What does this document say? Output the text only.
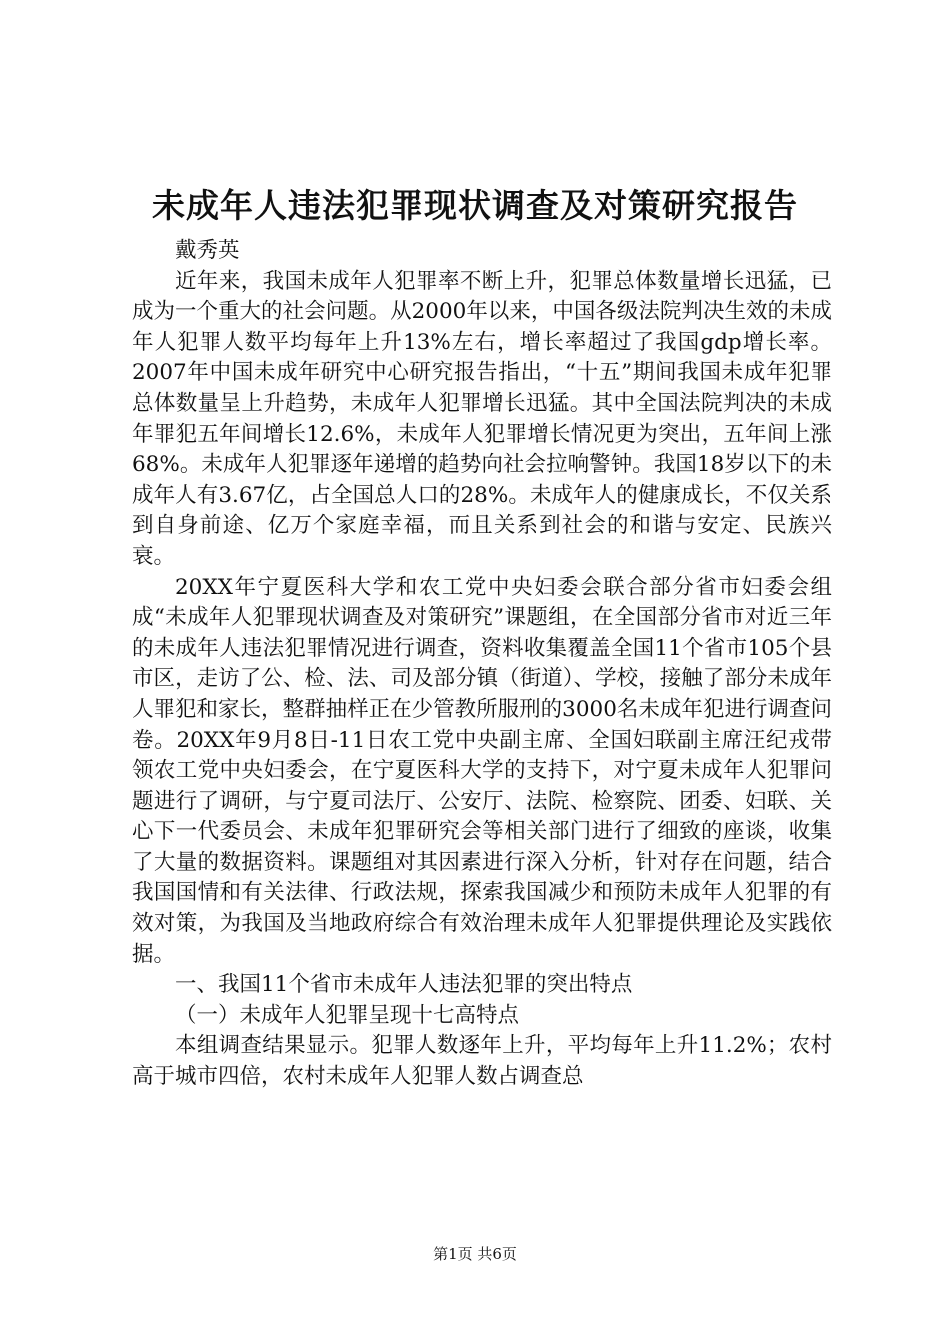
未成年人违法犯罪现状调查及对策研究报告

戴秀英

近年来，我国未成年人犯罪率不断上升，犯罪总体数量增长迅猛，已成为一个重大的社会问题。从2000年以来，中国各级法院判决生效的未成年人犯罪人数平均每年上升13%左右，增长率超过了我国gdp增长率。2007年中国未成年研究中心研究报告指出，“十五”期间我国未成年犯罪总体数量呈上升趋势，未成年人犯罪增长迅猛。其中全国法院判决的未成年罪犯五年间增长12.6%，未成年人犯罪增长情况更为突出，五年间上涨68%。未成年人犯罪逐年递增的趋势向社会拉响警钟。我国18岁以下的未成年人有3.67亿，占全国总人口的28%。未成年人的健康成长，不仅关系到自身前途、亿万个家庭幸福，而且关系到社会的和谐与安定、民族兴衰。

20XX年宁夏医科大学和农工党中央妇委会联合部分省市妇委会组成“未成年人犯罪现状调查及对策研究”课题组，在全国部分省市对近三年的未成年人违法犯罪情况进行调查，资料收集覆盖全国11个省市105个县市区，走访了公、检、法、司及部分镇（街道）、学校，接触了部分未成年人罪犯和家长，整群抽样正在少管教所服刑的3000名未成年犯进行调查问卷。20XX年9月8日-11日农工党中央副主席、全国妇联副主席汪纪戎带领农工党中央妇委会，在宁夏医科大学的支持下，对宁夏未成年人犯罪问题进行了调研，与宁夏司法厅、公安厅、法院、检察院、团委、妇联、关心下一代委员会、未成年犯罪研究会等相关部门进行了细致的座谈，收集了大量的数据资料。课题组对其因素进行深入分析，针对存在问题，结合我国国情和有关法律、行政法规，探索我国减少和预防未成年人犯罪的有效对策，为我国及当地政府综合有效治理未成年人犯罪提供理论及实践依据。

一、我国11个省市未成年人违法犯罪的突出特点

（一）未成年人犯罪呈现十七高特点

本组调查结果显示。犯罪人数逐年上升，平均每年上升11.2%；农村高于城市四倍，农村未成年人犯罪人数占调查总

第1页 共6页
